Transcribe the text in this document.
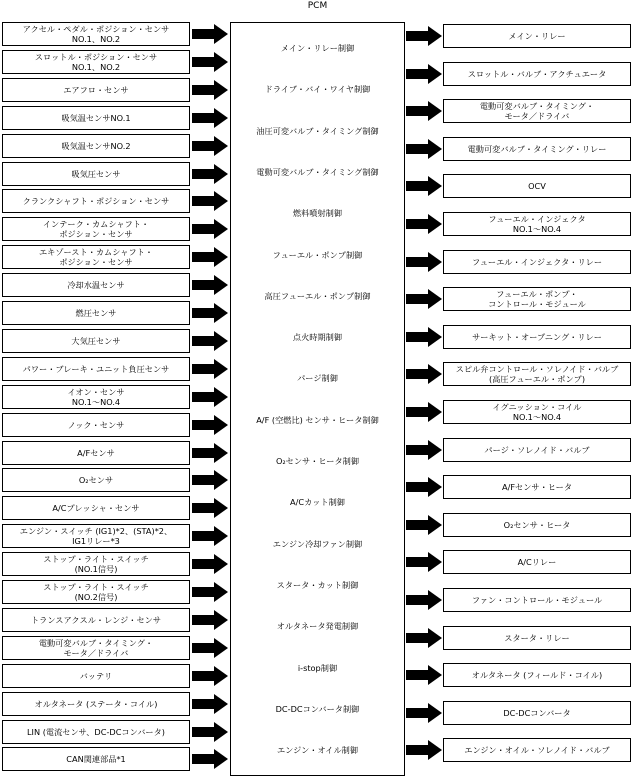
PCM
アクセル・ペダル・ポジション・センサ
NO.1、NO.2
スロットル・ポジション・センサ
NO.1、NO.2
エアフロ・センサ
吸気温センサNO.1
吸気温センサNO.2
吸気圧センサ
クランクシャフト・ポジション・センサ
インテーク・カムシャフト・
ポジション・センサ
エキゾースト・カムシャフト・
ポジション・センサ
冷却水温センサ
燃圧センサ
大気圧センサ
パワー・ブレーキ・ユニット負圧センサ
イオン・センサ
NO.1〜NO.4
ノック・センサ
A/Fセンサ
O₂センサ
A/Cプレッシャ・センサ
エンジン・スイッチ (IG1)*2、(STA)*2、
IG1リレー*3
ストップ・ライト・スイッチ
(NO.1信号)
ストップ・ライト・スイッチ
(NO.2信号)
トランスアクスル・レンジ・センサ
電動可変バルブ・タイミング・
モータ／ドライバ
バッテリ
オルタネータ (ステータ・コイル)
LIN (電流センサ、DC-DCコンバータ)
CAN関連部品*1
メイン・リレー制御
ドライブ・バイ・ワイヤ制御
油圧可変バルブ・タイミング制御
電動可変バルブ・タイミング制御
燃料噴射制御
フューエル・ポンプ制御
高圧フューエル・ポンプ制御
点火時期制御
パージ制御
A/F (空燃比) センサ・ヒータ制御
O₂センサ・ヒータ制御
A/Cカット制御
エンジン冷却ファン制御
スタータ・カット制御
オルタネータ発電制御
i-stop制御
DC-DCコンバータ制御
エンジン・オイル制御
メイン・リレー
スロットル・バルブ・アクチュエータ
電動可変バルブ・タイミング・
モータ／ドライバ
電動可変バルブ・タイミング・リレー
OCV
フューエル・インジェクタ
NO.1〜NO.4
フューエル・インジェクタ・リレー
フューエル・ポンプ・
コントロール・モジュール
サーキット・オープニング・リレー
スピル弁コントロール・ソレノイド・バルブ
(高圧フューエル・ポンプ)
イグニッション・コイル
NO.1〜NO.4
パージ・ソレノイド・バルブ
A/Fセンサ・ヒータ
O₂センサ・ヒータ
A/Cリレー
ファン・コントロール・モジュール
スタータ・リレー
オルタネータ (フィールド・コイル)
DC-DCコンバータ
エンジン・オイル・ソレノイド・バルブ
